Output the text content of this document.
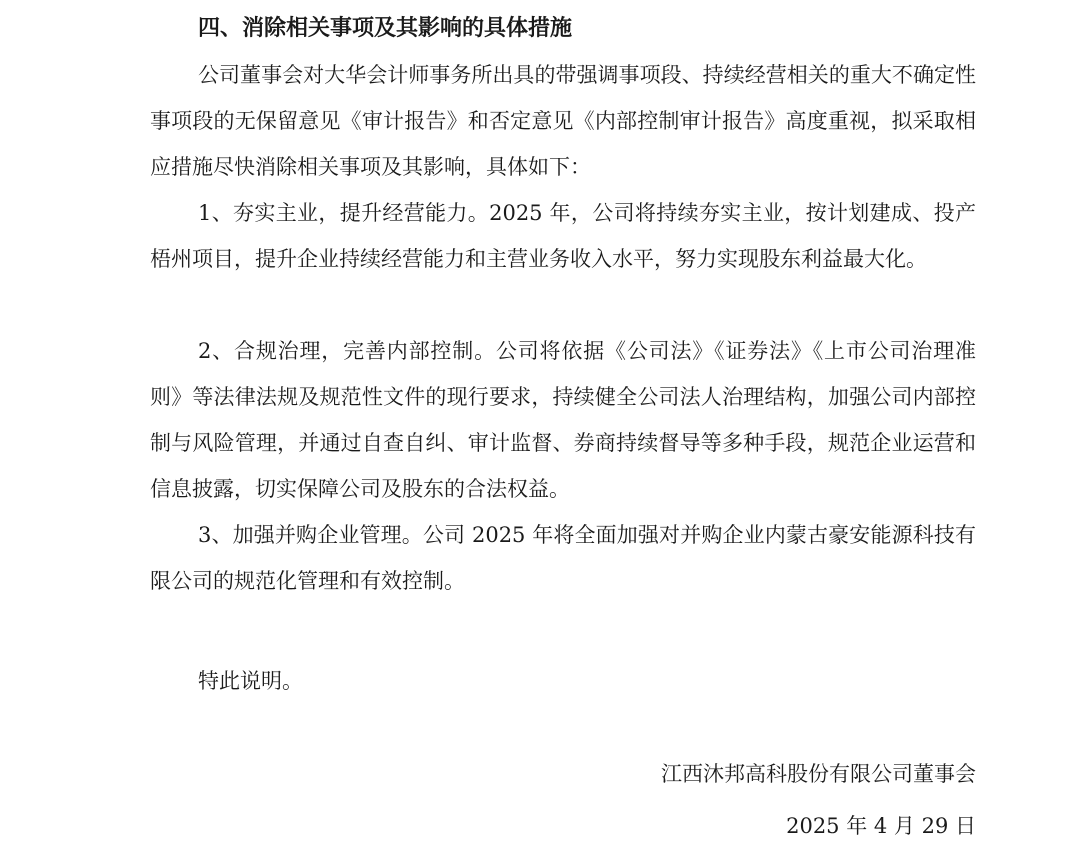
四、消除相关事项及其影响的具体措施

公司董事会对大华会计师事务所出具的带强调事项段、持续经营相关的重大不确定性事项段的无保留意见《审计报告》和否定意见《内部控制审计报告》高度重视，拟采取相应措施尽快消除相关事项及其影响，具体如下：

1、夯实主业，提升经营能力。2025 年，公司将持续夯实主业，按计划建成、投产梧州项目，提升企业持续经营能力和主营业务收入水平，努力实现股东利益最大化。

2、合规治理，完善内部控制。公司将依据《公司法》《证券法》《上市公司治理准则》等法律法规及规范性文件的现行要求，持续健全公司法人治理结构，加强公司内部控制与风险管理，并通过自查自纠、审计监督、券商持续督导等多种手段，规范企业运营和信息披露，切实保障公司及股东的合法权益。

3、加强并购企业管理。公司 2025 年将全面加强对并购企业内蒙古豪安能源科技有限公司的规范化管理和有效控制。

特此说明。

江西沐邦高科股份有限公司董事会
2025 年 4 月 29 日
